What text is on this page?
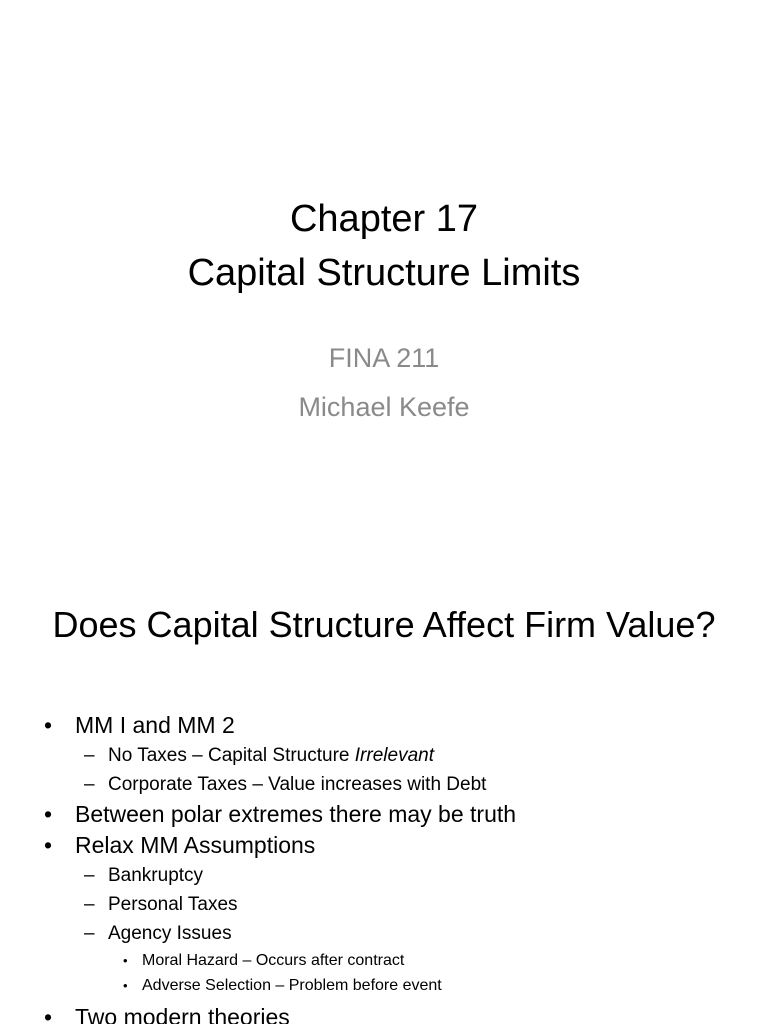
Chapter 17
Capital Structure Limits
FINA 211
Michael Keefe
Does Capital Structure Affect Firm Value?
• MM I and MM 2
– No Taxes – Capital Structure Irrelevant
– Corporate Taxes – Value increases with Debt
• Between polar extremes there may be truth
• Relax MM Assumptions
– Bankruptcy
– Personal Taxes
– Agency Issues
• Moral Hazard – Occurs after contract
• Adverse Selection – Problem before event
• Two modern theories
